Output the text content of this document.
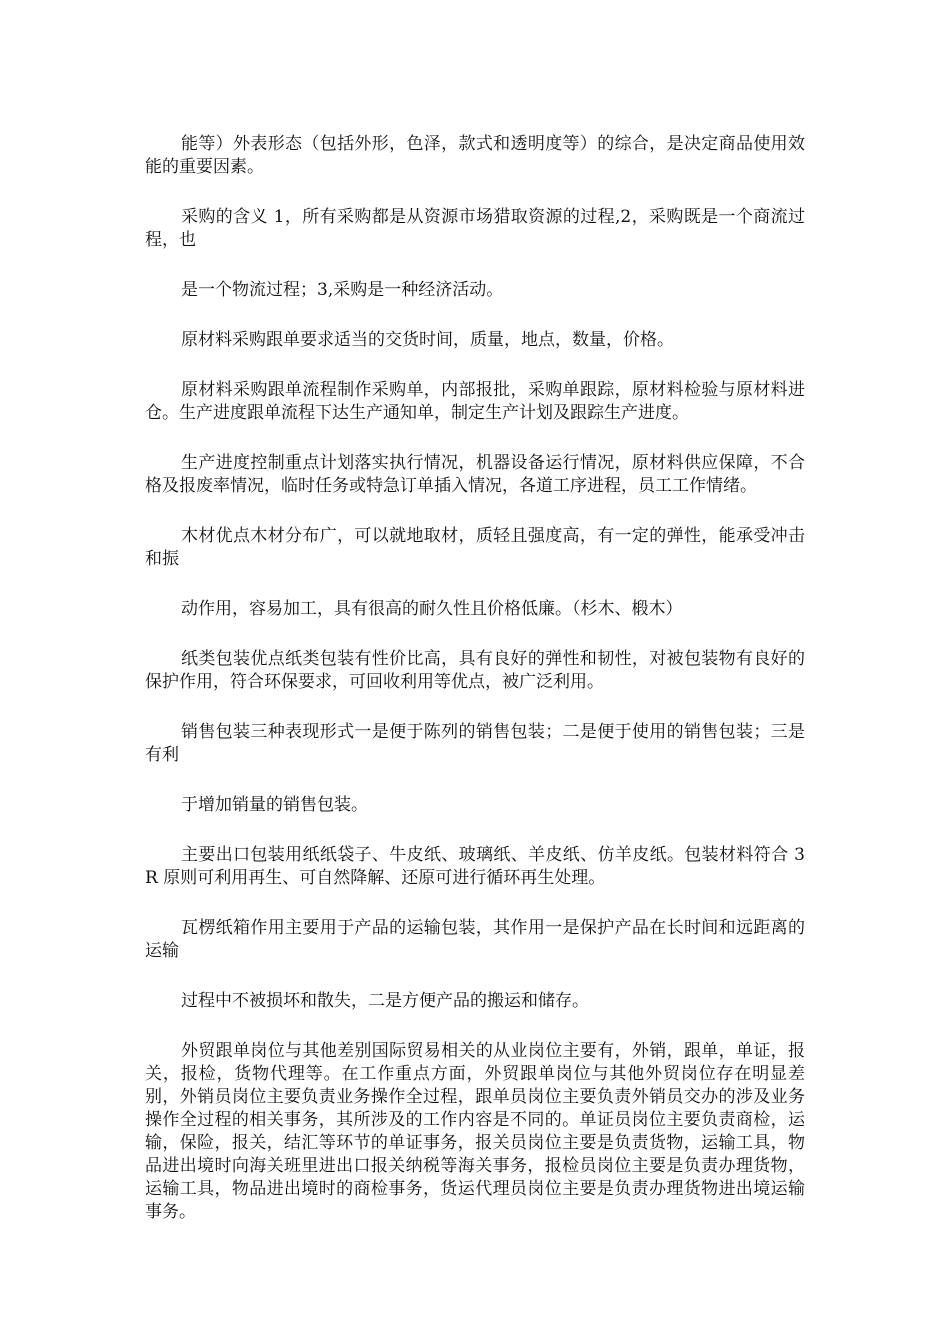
能等）外表形态（包括外形，色泽，款式和透明度等）的综合，是决定商品使用效能的重要因素。

采购的含义 1，所有采购都是从资源市场猎取资源的过程,2，采购既是一个商流过程，也

是一个物流过程；3,采购是一种经济活动。

原材料采购跟单要求适当的交货时间，质量，地点，数量，价格。

原材料采购跟单流程制作采购单，内部报批，采购单跟踪，原材料检验与原材料进仓。生产进度跟单流程下达生产通知单，制定生产计划及跟踪生产进度。

生产进度控制重点计划落实执行情况，机器设备运行情况，原材料供应保障，不合格及报废率情况，临时任务或特急订单插入情况，各道工序进程，员工工作情绪。

木材优点木材分布广，可以就地取材，质轻且强度高，有一定的弹性，能承受冲击和振

动作用，容易加工，具有很高的耐久性且价格低廉。（杉木、椴木）

纸类包装优点纸类包装有性价比高，具有良好的弹性和韧性，对被包装物有良好的保护作用，符合环保要求，可回收利用等优点，被广泛利用。

销售包装三种表现形式一是便于陈列的销售包装；二是便于使用的销售包装；三是有利

于增加销量的销售包装。

主要出口包装用纸纸袋子、牛皮纸、玻璃纸、羊皮纸、仿羊皮纸。包装材料符合 3R 原则可利用再生、可自然降解、还原可进行循环再生处理。

瓦楞纸箱作用主要用于产品的运输包装，其作用一是保护产品在长时间和远距离的运输

过程中不被损坏和散失，二是方便产品的搬运和储存。

外贸跟单岗位与其他差别国际贸易相关的从业岗位主要有，外销，跟单，单证，报关，报检，货物代理等。在工作重点方面，外贸跟单岗位与其他外贸岗位存在明显差别，外销员岗位主要负责业务操作全过程，跟单员岗位主要负责外销员交办的涉及业务操作全过程的相关事务，其所涉及的工作内容是不同的。单证员岗位主要负责商检，运输，保险，报关，结汇等环节的单证事务，报关员岗位主要是负责货物，运输工具，物品进出境时向海关班里进出口报关纳税等海关事务，报检员岗位主要是负责办理货物，运输工具，物品进出境时的商检事务，货运代理员岗位主要是负责办理货物进出境运输事务。
